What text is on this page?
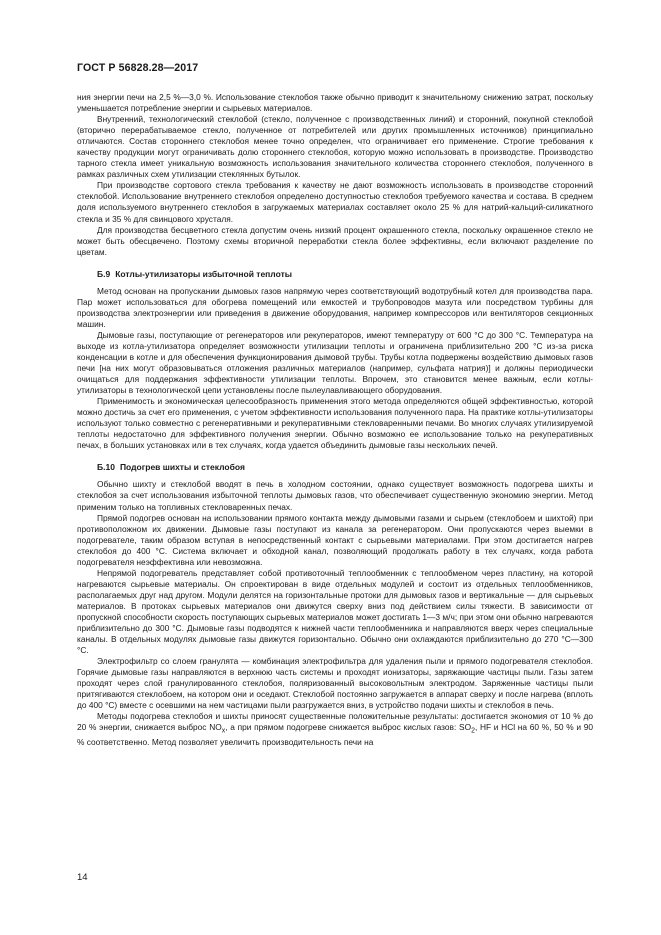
ГОСТ Р 56828.28—2017

ния энергии печи на 2,5 %—3,0 %. Использование стеклобоя также обычно приводит к значительному снижению затрат, поскольку уменьшается потребление энергии и сырьевых материалов.

Внутренний, технологический стеклобой (стекло, полученное с производственных линий) и сторонний, покупной стеклобой (вторично перерабатываемое стекло, полученное от потребителей или других промышленных источников) принципиально отличаются. Состав стороннего стеклобоя менее точно определен, что ограничивает его применение. Строгие требования к качеству продукции могут ограничивать долю стороннего стеклобоя, которую можно использовать в производстве. Производство тарного стекла имеет уникальную возможность использования значительного количества стороннего стеклобоя, полученного в рамках различных схем утилизации стеклянных бутылок.

При производстве сортового стекла требования к качеству не дают возможность использовать в производстве сторонний стеклобой. Использование внутреннего стеклобоя определено доступностью стеклобоя требуемого качества и состава. В среднем доля используемого внутреннего стеклобоя в загружаемых материалах составляет около 25 % для натрий-кальций-силикатного стекла и 35 % для свинцового хрусталя.

Для производства бесцветного стекла допустим очень низкий процент окрашенного стекла, поскольку окрашенное стекло не может быть обесцвечено. Поэтому схемы вторичной переработки стекла более эффективны, если включают разделение по цветам.

Б.9 Котлы-утилизаторы избыточной теплоты

Метод основан на пропускании дымовых газов напрямую через соответствующий водотрубный котел для производства пара. Пар может использоваться для обогрева помещений или емкостей и трубопроводов мазута или посредством турбины для производства электроэнергии или приведения в движение оборудования, например компрессоров или вентиляторов секционных машин.

Дымовые газы, поступающие от регенераторов или рекуператоров, имеют температуру от 600 °С до 300 °С. Температура на выходе из котла-утилизатора определяет возможности утилизации теплоты и ограничена приблизительно 200 °С из-за риска конденсации в котле и для обеспечения функционирования дымовой трубы. Трубы котла подвержены воздействию дымовых газов печи [на них могут образовываться отложения различных материалов (например, сульфата натрия)] и должны периодически очищаться для поддержания эффективности утилизации теплоты. Впрочем, это становится менее важным, если котлы-утилизаторы в технологической цепи установлены после пылеулавливающего оборудования.

Применимость и экономическая целесообразность применения этого метода определяются общей эффективностью, которой можно достичь за счет его применения, с учетом эффективности использования полученного пара. На практике котлы-утилизаторы используют только совместно с регенеративными и рекуперативными стекловаренными печами. Во многих случаях утилизируемой теплоты недостаточно для эффективного получения энергии. Обычно возможно ее использование только на рекуперативных печах, в больших установках или в тех случаях, когда удается объединить дымовые газы нескольких печей.

Б.10 Подогрев шихты и стеклобоя

Обычно шихту и стеклобой вводят в печь в холодном состоянии, однако существует возможность подогрева шихты и стеклобоя за счет использования избыточной теплоты дымовых газов, что обеспечивает существенную экономию энергии. Метод применим только на топливных стекловаренных печах.

Прямой подогрев основан на использовании прямого контакта между дымовыми газами и сырьем (стеклобоем и шихтой) при противоположном их движении. Дымовые газы поступают из канала за регенератором. Они пропускаются через выемки в подогревателе, таким образом вступая в непосредственный контакт с сырьевыми материалами. При этом достигается нагрев стеклобоя до 400 °С. Система включает и обходной канал, позволяющий продолжать работу в тех случаях, когда работа подогревателя неэффективна или невозможна.

Непрямой подогреватель представляет собой противоточный теплообменник с теплообменом через пластину, на которой нагреваются сырьевые материалы. Он спроектирован в виде отдельных модулей и состоит из отдельных теплообменников, располагаемых друг над другом. Модули делятся на горизонтальные протоки для дымовых газов и вертикальные — для сырьевых материалов. В протоках сырьевых материалов они движутся сверху вниз под действием силы тяжести. В зависимости от пропускной способности скорость поступающих сырьевых материалов может достигать 1—3 м/ч; при этом они обычно нагреваются приблизительно до 300 °С. Дымовые газы подводятся к нижней части теплообменника и направляются вверх через специальные каналы. В отдельных модулях дымовые газы движутся горизонтально. Обычно они охлаждаются приблизительно до 270 °С—300 °С.

Электрофильтр со слоем гранулята — комбинация электрофильтра для удаления пыли и прямого подогревателя стеклобоя. Горячие дымовые газы направляются в верхнюю часть системы и проходят ионизаторы, заряжающие частицы пыли. Газы затем проходят через слой гранулированного стеклобоя, поляризованный высоковольтным электродом. Заряженные частицы пыли притягиваются стеклобоем, на котором они и оседают. Стеклобой постоянно загружается в аппарат сверху и после нагрева (вплоть до 400 °С) вместе с осевшими на нем частицами пыли разгружается вниз, в устройство подачи шихты и стеклобоя в печь.

Методы подогрева стеклобоя и шихты приносят существенные положительные результаты: достигается экономия от 10 % до 20 % энергии, снижается выброс $NO_x$, а при прямом подогреве снижается выброс кислых газов: $SO_2$, HF и HCl на 60 %, 50 % и 90 % соответственно. Метод позволяет увеличить производительность печи на

14
